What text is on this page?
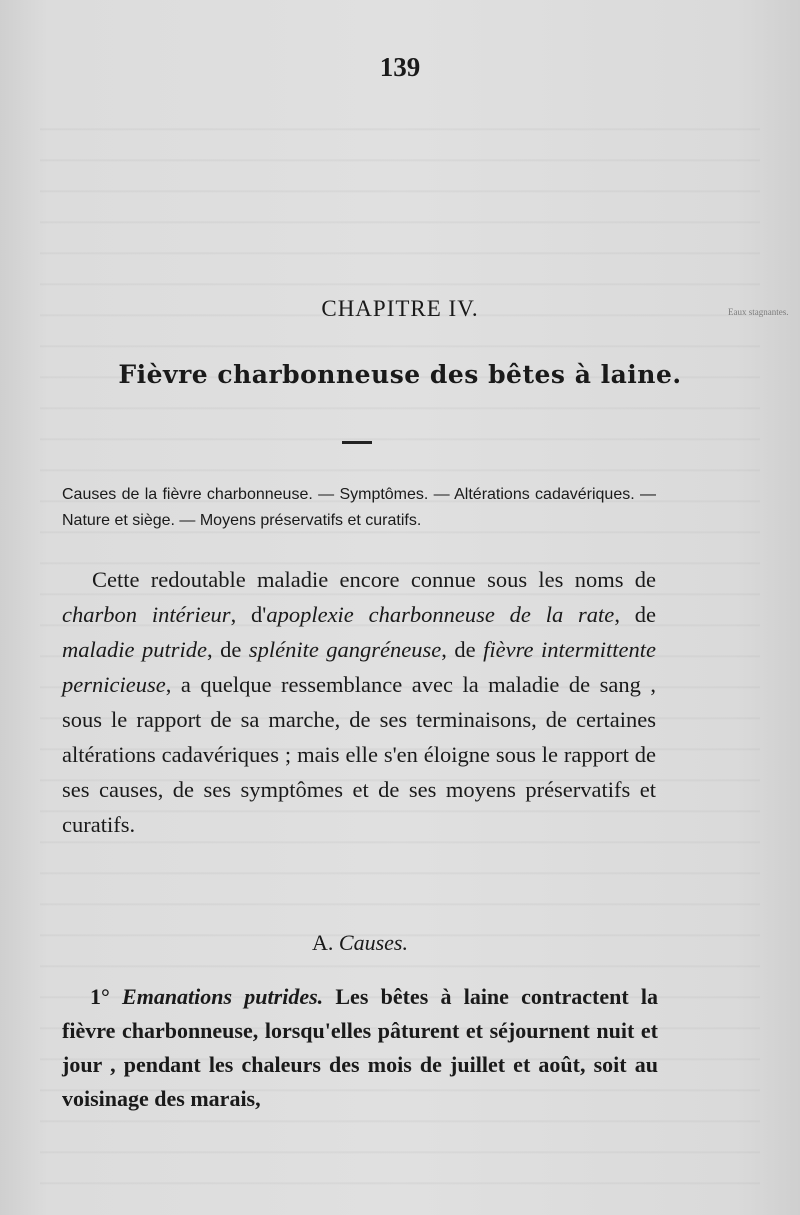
139
Eaux stagnantes.
CHAPITRE IV.
Fièvre charbonneuse des bêtes à laine.
Causes de la fièvre charbonneuse. — Symptômes. — Altérations cadavériques. — Nature et siège. — Moyens préservatifs et curatifs.
Cette redoutable maladie encore connue sous les noms de charbon intérieur, d'apoplexie charbonneuse de la rate, de maladie putride, de splénite gangréneuse, de fièvre intermittente pernicieuse, a quelque ressemblance avec la maladie de sang , sous le rapport de sa marche, de ses terminaisons, de certaines altérations cadavériques ; mais elle s'en éloigne sous le rapport de ses causes, de ses symptômes et de ses moyens préservatifs et curatifs.
A. Causes.
1° Emanations putrides. Les bêtes à laine contractent la fièvre charbonneuse, lorsqu'elles pâturent et séjournent nuit et jour , pendant les chaleurs des mois de juillet et août, soit au voisinage des marais,
